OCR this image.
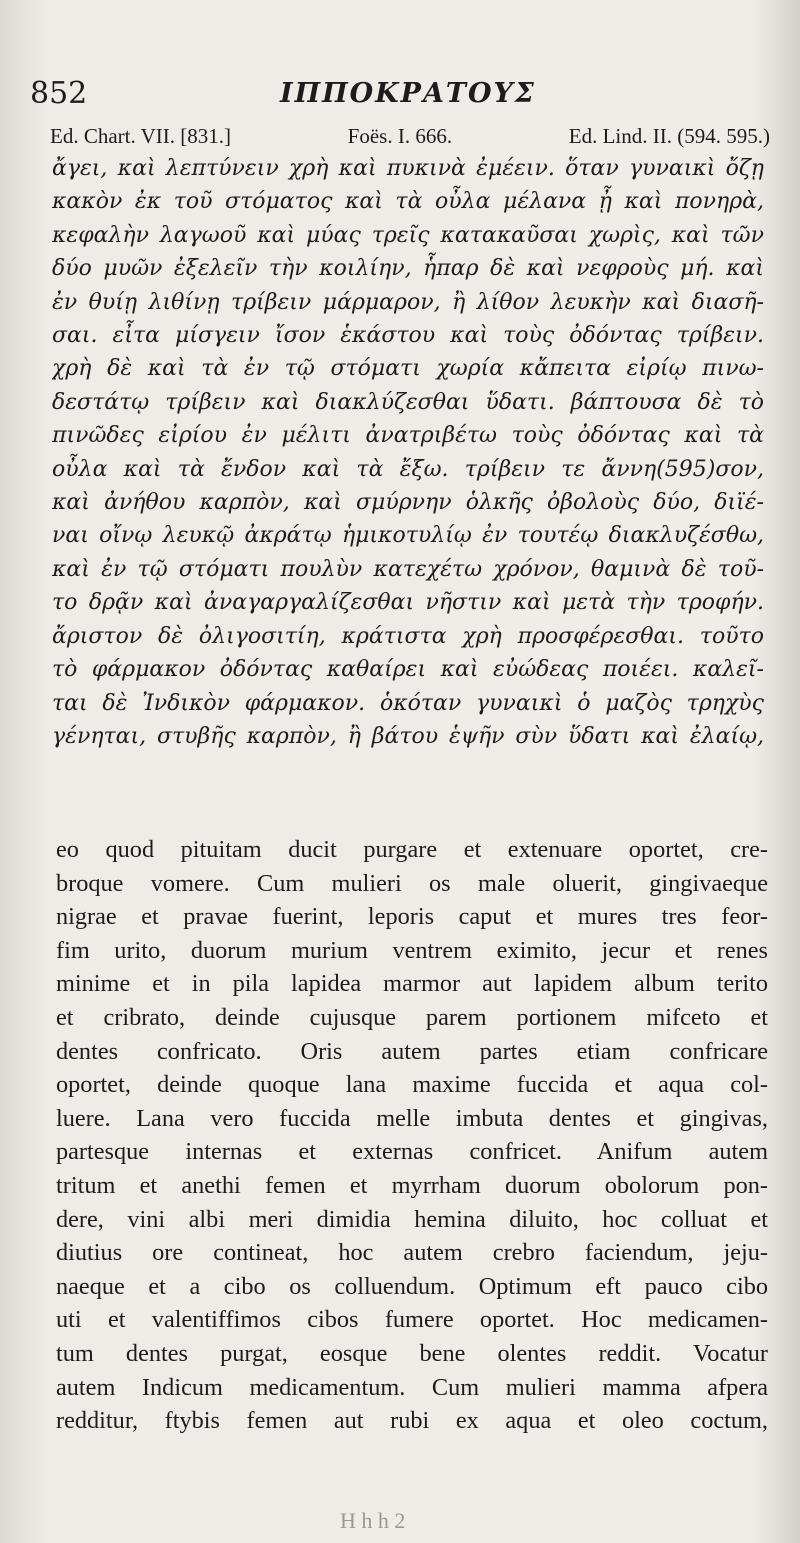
852	ΙΠΠΟΚΡΑΤΟΥΣ
Ed. Chart. VII. [831.]	Foës. I. 666.	Ed. Lind. II. (594. 595.)
ἄγει, καὶ λεπτύνειν χρὴ καὶ πυκινὰ ἐμέειν. ὅταν γυναικὶ ὄζῃ
κακὸν ἐκ τοῦ στόματος καὶ τὰ οὖλα μέλανα ᾖ καὶ πονηρὰ,
κεφαλὴν λαγωοῦ καὶ μύας τρεῖς κατακαῦσαι χωρὶς, καὶ τῶν
δύο μυῶν ἐξελεῖν τὴν κοιλίην, ἧπαρ δὲ καὶ νεφροὺς μή. καὶ
ἐν θυίῃ λιθίνῃ τρίβειν μάρμαρον, ἢ λίθον λευκὴν καὶ διασῆ-
σαι. εἶτα μίσγειν ἴσον ἑκάστου καὶ τοὺς ὀδόντας τρίβειν.
χρὴ δὲ καὶ τὰ ἐν τῷ στόματι χωρία κἄπειτα εἰρίῳ πινω-
δεστάτῳ τρίβειν καὶ διακλύζεσθαι ὕδατι. βάπτουσα δὲ τὸ
πινῶδες εἰρίου ἐν μέλιτι ἀνατριβέτω τοὺς ὀδόντας καὶ τὰ
οὖλα καὶ τὰ ἔνδον καὶ τὰ ἔξω. τρίβειν τε ἄννη(595)σον,
καὶ ἀνήθου καρπὸν, καὶ σμύρνην ὁλκῆς ὀβολοὺς δύο, διϊέ-
ναι οἴνῳ λευκῷ ἀκράτῳ ἡμικοτυλίῳ ἐν τουτέῳ διακλυζέσθω,
καὶ ἐν τῷ στόματι πουλὺν κατεχέτω χρόνον, θαμινὰ δὲ τοῦ-
το δρᾷν καὶ ἀναγαργαλίζεσθαι νῆστιν καὶ μετὰ τὴν τροφήν.
ἄριστον δὲ ὀλιγοσιτίη, κράτιστα χρὴ προσφέρεσθαι. τοῦτο
τὸ φάρμακον ὀδόντας καθαίρει καὶ εὐώδεας ποιέει. καλεῖ-
ται δὲ Ἰνδικὸν φάρμακον. ὁκόταν γυναικὶ ὁ μαζὸς τρηχὺς
γένηται, στυβῆς καρπὸν, ἢ βάτου ἑψῆν σὺν ὕδατι καὶ ἐλαίῳ,
eo quod pituitam ducit purgare et extenuare oportet, cre-
broque vomere. Cum mulieri os male oluerit, gingivaeque
nigrae et pravae fuerint, leporis caput et mures tres feor-
fim urito, duorum murium ventrem eximito, jecur et renes
minime et in pila lapidea marmor aut lapidem album terito
et cribrato, deinde cujusque parem portionem mifceto et
dentes confricato. Oris autem partes etiam confricare
oportet, deinde quoque lana maxime fuccida et aqua col-
luere. Lana vero fuccida melle imbuta dentes et gingivas,
partesque internas et externas confricet. Anifum autem
tritum et anethi femen et myrrham duorum obolorum pon-
dere, vini albi meri dimidia hemina diluito, hoc colluat et
diutius ore contineat, hoc autem crebro faciendum, jeju-
naeque et a cibo os colluendum. Optimum eft pauco cibo
uti et valentiffimos cibos fumere oportet. Hoc medicamen-
tum dentes purgat, eosque bene olentes reddit. Vocatur
autem Indicum medicamentum. Cum mulieri mamma afpera
redditur, ftybis femen aut rubi ex aqua et oleo coctum,
H h h 2
